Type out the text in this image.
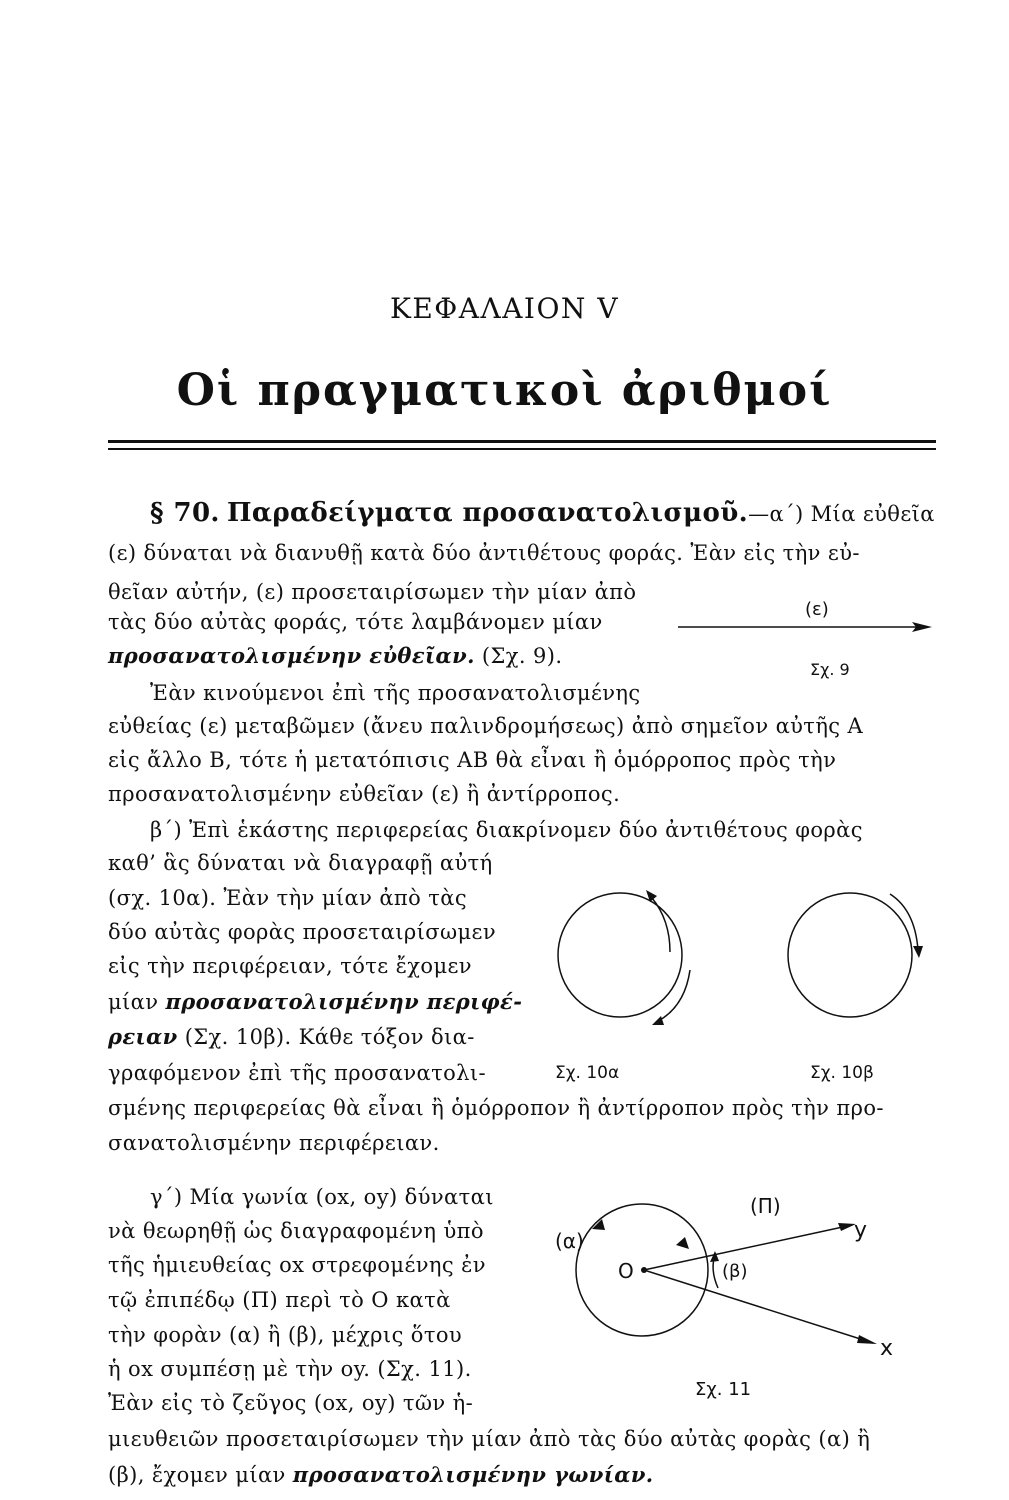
ΚΕΦΑΛΑΙΟΝ V
Οἱ πραγματικοὶ ἀριθμοί
§ 70. Παραδείγματα προσανατολισμοῦ.—α΄) Μία εὐθεῖα
(ε) δύναται νὰ διανυθῇ κατὰ δύο ἀντιθέτους φοράς. Ἐὰν εἰς τὴν εὐ-
θεῖαν αὐτήν, (ε) προσεταιρίσωμεν τὴν μίαν ἀπὸ
τὰς δύο αὐτὰς φοράς, τότε λαμβάνομεν μίαν
προσανατολισμένην εὐθεῖαν. (Σχ. 9).
Ἐὰν κινούμενοι ἐπὶ τῆς προσανατολισμένης
εὐθείας (ε) μεταβῶμεν (ἄνευ παλινδρομήσεως) ἀπὸ σημεῖον αὐτῆς Α
εἰς ἄλλο Β, τότε ἡ μετατόπισις ΑΒ θὰ εἶναι ἢ ὁμόρροπος πρὸς τὴν
προσανατολισμένην εὐθεῖαν (ε) ἢ ἀντίρροπος.
(ε)
Σχ. 9
β΄) Ἐπὶ ἑκάστης περιφερείας διακρίνομεν δύο ἀντιθέτους φορὰς
καθ’ ἃς δύναται νὰ διαγραφῇ αὐτή
(σχ. 10α). Ἐὰν τὴν μίαν ἀπὸ τὰς
δύο αὐτὰς φορὰς προσεταιρίσωμεν
εἰς τὴν περιφέρειαν, τότε ἔχομεν
μίαν προσανατολισμένην περιφέ-
ρειαν (Σχ. 10β). Κάθε τόξον δια-
γραφόμενον ἐπὶ τῆς προσανατολι-
σμένης περιφερείας θὰ εἶναι ἢ ὁμόρροπον ἢ ἀντίρροπον πρὸς τὴν προ-
σανατολισμένην περιφέρειαν.
Σχ. 10α	Σχ. 10β
γ΄) Μία γωνία (οx, οy) δύναται
νὰ θεωρηθῇ ὡς διαγραφομένη ὑπὸ
τῆς ἡμιευθείας οx στρεφομένης ἐν
τῷ ἐπιπέδῳ (Π) περὶ τὸ Ο κατὰ
τὴν φορὰν (α) ἢ (β), μέχρις ὅτου
ἡ οx συμπέσῃ μὲ τὴν οy. (Σχ. 11).
Ἐὰν εἰς τὸ ζεῦγος (οx, οy) τῶν ἡ-
μιευθειῶν προσεταιρίσωμεν τὴν μίαν ἀπὸ τὰς δύο αὐτὰς φορὰς (α) ἢ
(β), ἔχομεν μίαν προσανατολισμένην γωνίαν.
(Π)
(α)
O	(β)
y
x
Σχ. 11
